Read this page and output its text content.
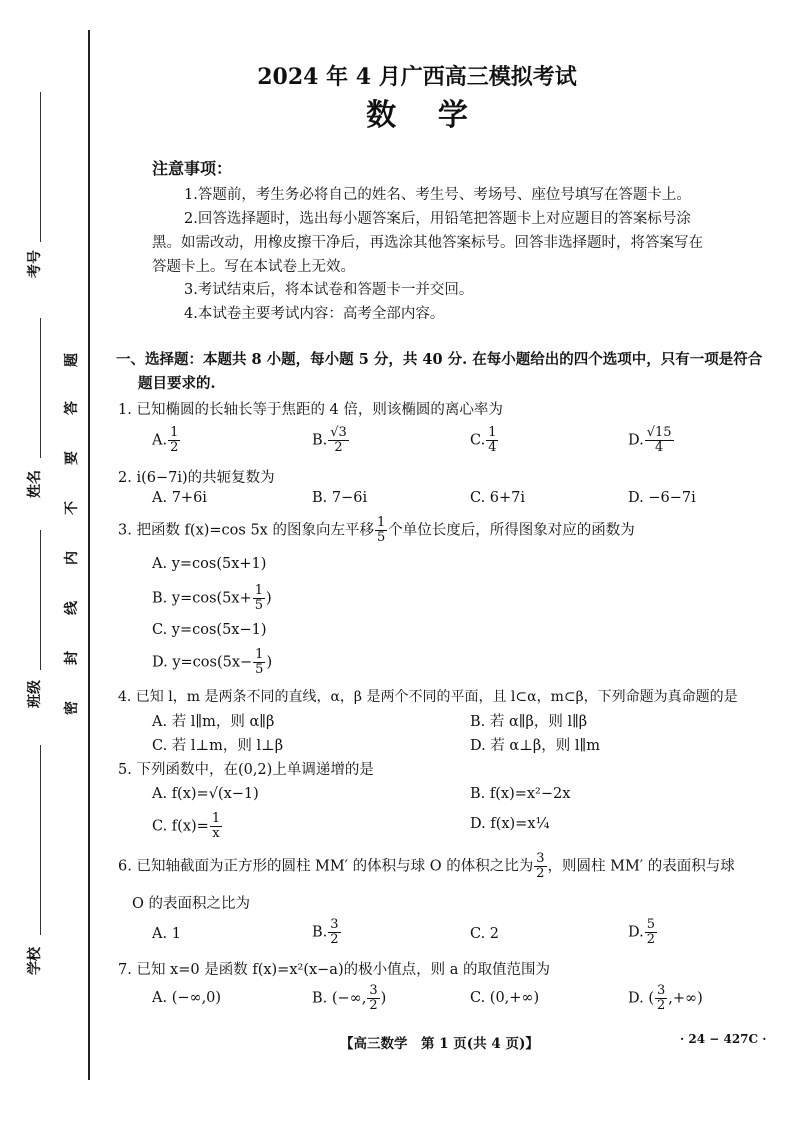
考号
姓名
班级
学校
题
答
要
不
内
线
封
密
2024 年 4 月广西高三模拟考试
数    学
注意事项：
1.答题前，考生务必将自己的姓名、考生号、考场号、座位号填写在答题卡上。
2.回答选择题时，选出每小题答案后，用铅笔把答题卡上对应题目的答案标号涂
黑。如需改动，用橡皮擦干净后，再选涂其他答案标号。回答非选择题时，将答案写在
答题卡上。写在本试卷上无效。
3.考试结束后，将本试卷和答题卡一并交回。
4.本试卷主要考试内容：高考全部内容。
一、选择题：本题共 8 小题，每小题 5 分，共 40 分. 在每小题给出的四个选项中，只有一项是符合
题目要求的.
1. 已知椭圆的长轴长等于焦距的 4 倍，则该椭圆的离心率为
A. $\frac{1}{2}$	B. $\frac{√3}{2}$	C. $\frac{1}{4}$	D. $\frac{√15}{4}$
2. i(6−7i)的共轭复数为
A. 7+6i	B. 7−6i	C. 6+7i	D. −6−7i
3. 把函数 f(x)=cos 5x 的图象向左平移 $\frac{1}{5}$ 个单位长度后，所得图象对应的函数为
A. y=cos(5x+1)
B. $y=\cos(5x+ \frac{1}{5}$ )
C. y=cos(5x−1)
D. $y=\cos(5x- \frac{1}{5}$ )
4. 已知 l，m 是两条不同的直线，α，β 是两个不同的平面，且 l⊂α，m⊂β，下列命题为真命题的是
A. 若 l∥m，则 α∥β	B. 若 α∥β，则 l∥β
C. 若 l⊥m，则 l⊥β	D. 若 α⊥β，则 l∥m
5. 下列函数中，在(0,2)上单调递增的是
A. f(x)=√(x−1)	B. f(x)=x²−2x
C. $f(x)= \frac{1}{x}$	D. f(x)=x¼
6. 已知轴截面为正方形的圆柱 MM′ 的体积与球 O 的体积之比为 $\frac{3}{2}$ ，则圆柱 MM′ 的表面积与球
O 的表面积之比为
A. 1	B. $\frac{3}{2}$	C. 2	D. $\frac{5}{2}$
7. 已知 x=0 是函数 f(x)=x²(x−a)的极小值点，则 a 的取值范围为
A. (−∞,0)	B. (−∞, $\frac{3}{2}$ )	C. (0,+∞)	D. ( $\frac{3}{2}$ ,+∞)
【高三数学　第 1 页(共 4 页)】	· 24 − 427C ·
